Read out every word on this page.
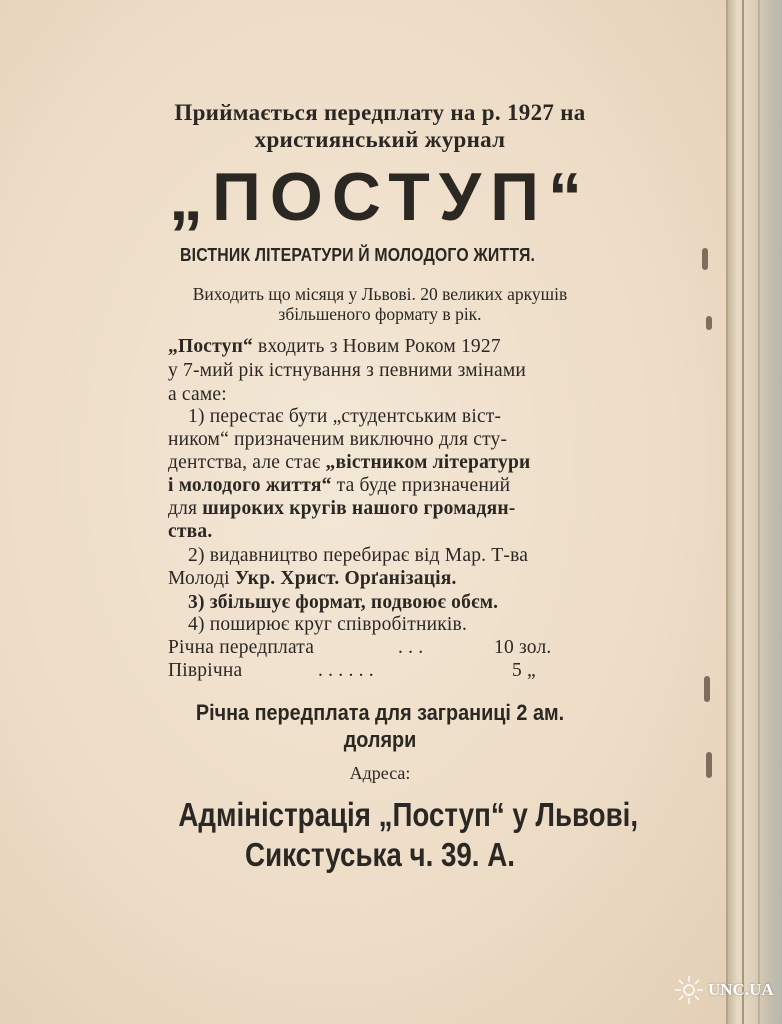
Приймається передплату на р. 1927 на
християнський журнал
„ПОСТУП“
ВІСТНИК ЛІТЕРАТУРИ Й МОЛОДОГО ЖИТТЯ.
Виходить що місяця у Львові. 20 великих аркушів
збільшеного формату в рік.
„Поступ“ входить з Новим Роком 1927
у 7-мий рік істнування з певними змінами
а саме:
1) перестає бути „студентським віст-
ником“ призначеним виключно для сту-
дентства, але стає „вістником літератури
і молодого життя“ та буде призначений
для широких кругів нашого громадян-
ства.
2) видавництво перебирає від Мар. Т-ва
Молоді Укр. Христ. Орґанізація.
3) збільшує формат, подвоює обєм.
4) поширює круг співробітників.
Річна передплата	. . .	10 зол.
Піврічна	. . . . . .	5 „
Річна передплата для заграниці 2 ам.
доляри
Адреса:
Адміністрація „Поступ“ у Львові,
Сикстуська ч. 39. А.
UNC.UA
